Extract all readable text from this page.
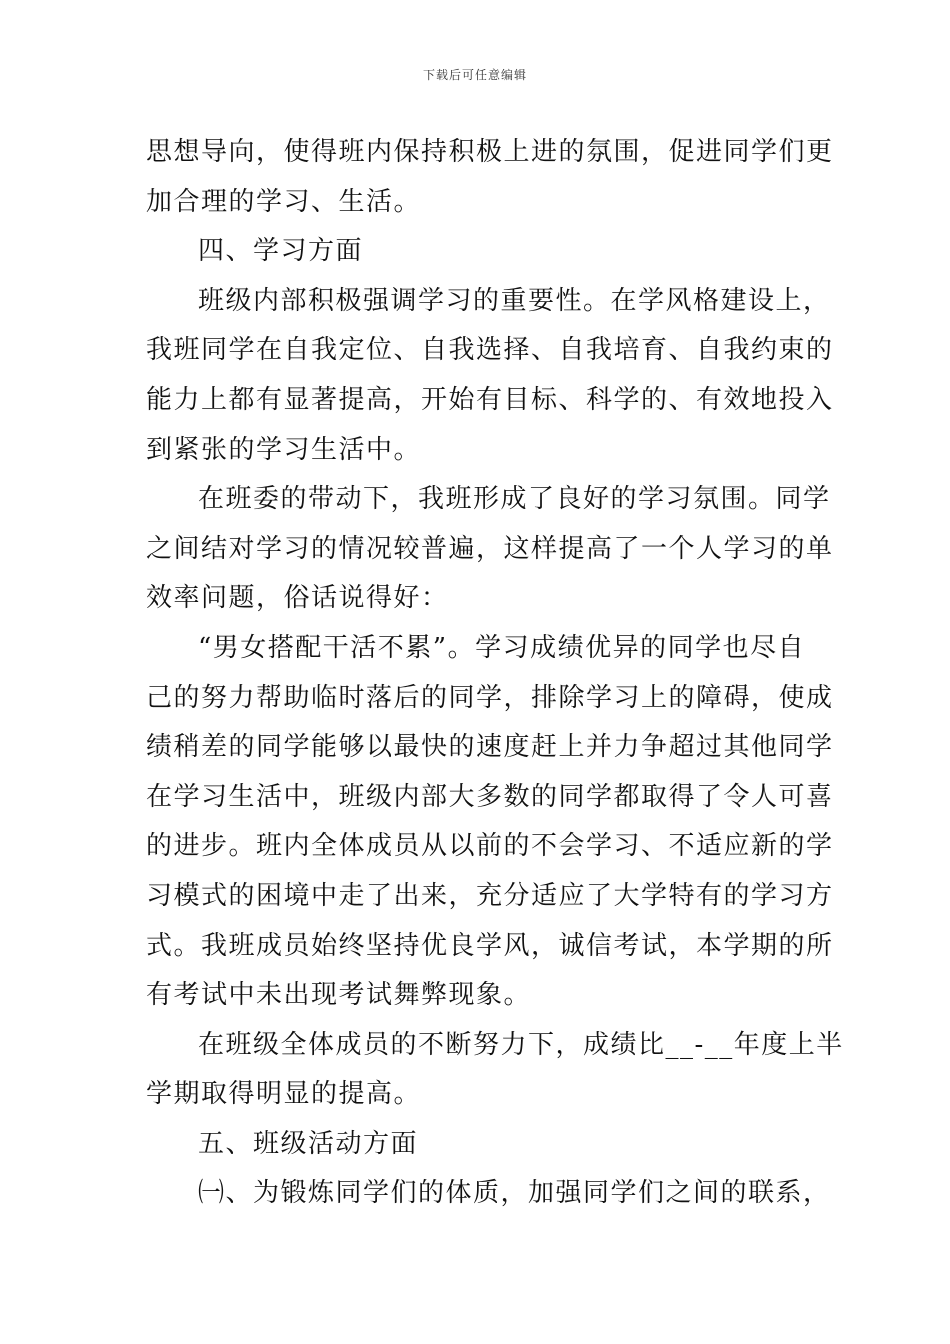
下载后可任意编辑
思想导向，使得班内保持积极上进的氛围，促进同学们更
加合理的学习、生活。
四、学习方面
班级内部积极强调学习的重要性。在学风格建设上，
我班同学在自我定位、自我选择、自我培育、自我约束的
能力上都有显著提高，开始有目标、科学的、有效地投入
到紧张的学习生活中。
在班委的带动下，我班形成了良好的学习氛围。同学
之间结对学习的情况较普遍，这样提高了一个人学习的单
效率问题，俗话说得好：
“男女搭配干活不累”。学习成绩优异的同学也尽自
己的努力帮助临时落后的同学，排除学习上的障碍，使成
绩稍差的同学能够以最快的速度赶上并力争超过其他同学
在学习生活中，班级内部大多数的同学都取得了令人可喜
的进步。班内全体成员从以前的不会学习、不适应新的学
习模式的困境中走了出来，充分适应了大学特有的学习方
式。我班成员始终坚持优良学风，诚信考试，本学期的所
有考试中未出现考试舞弊现象。
在班级全体成员的不断努力下，成绩比__-__年度上半
学期取得明显的提高。
五、班级活动方面
㈠、为锻炼同学们的体质，加强同学们之间的联系，
